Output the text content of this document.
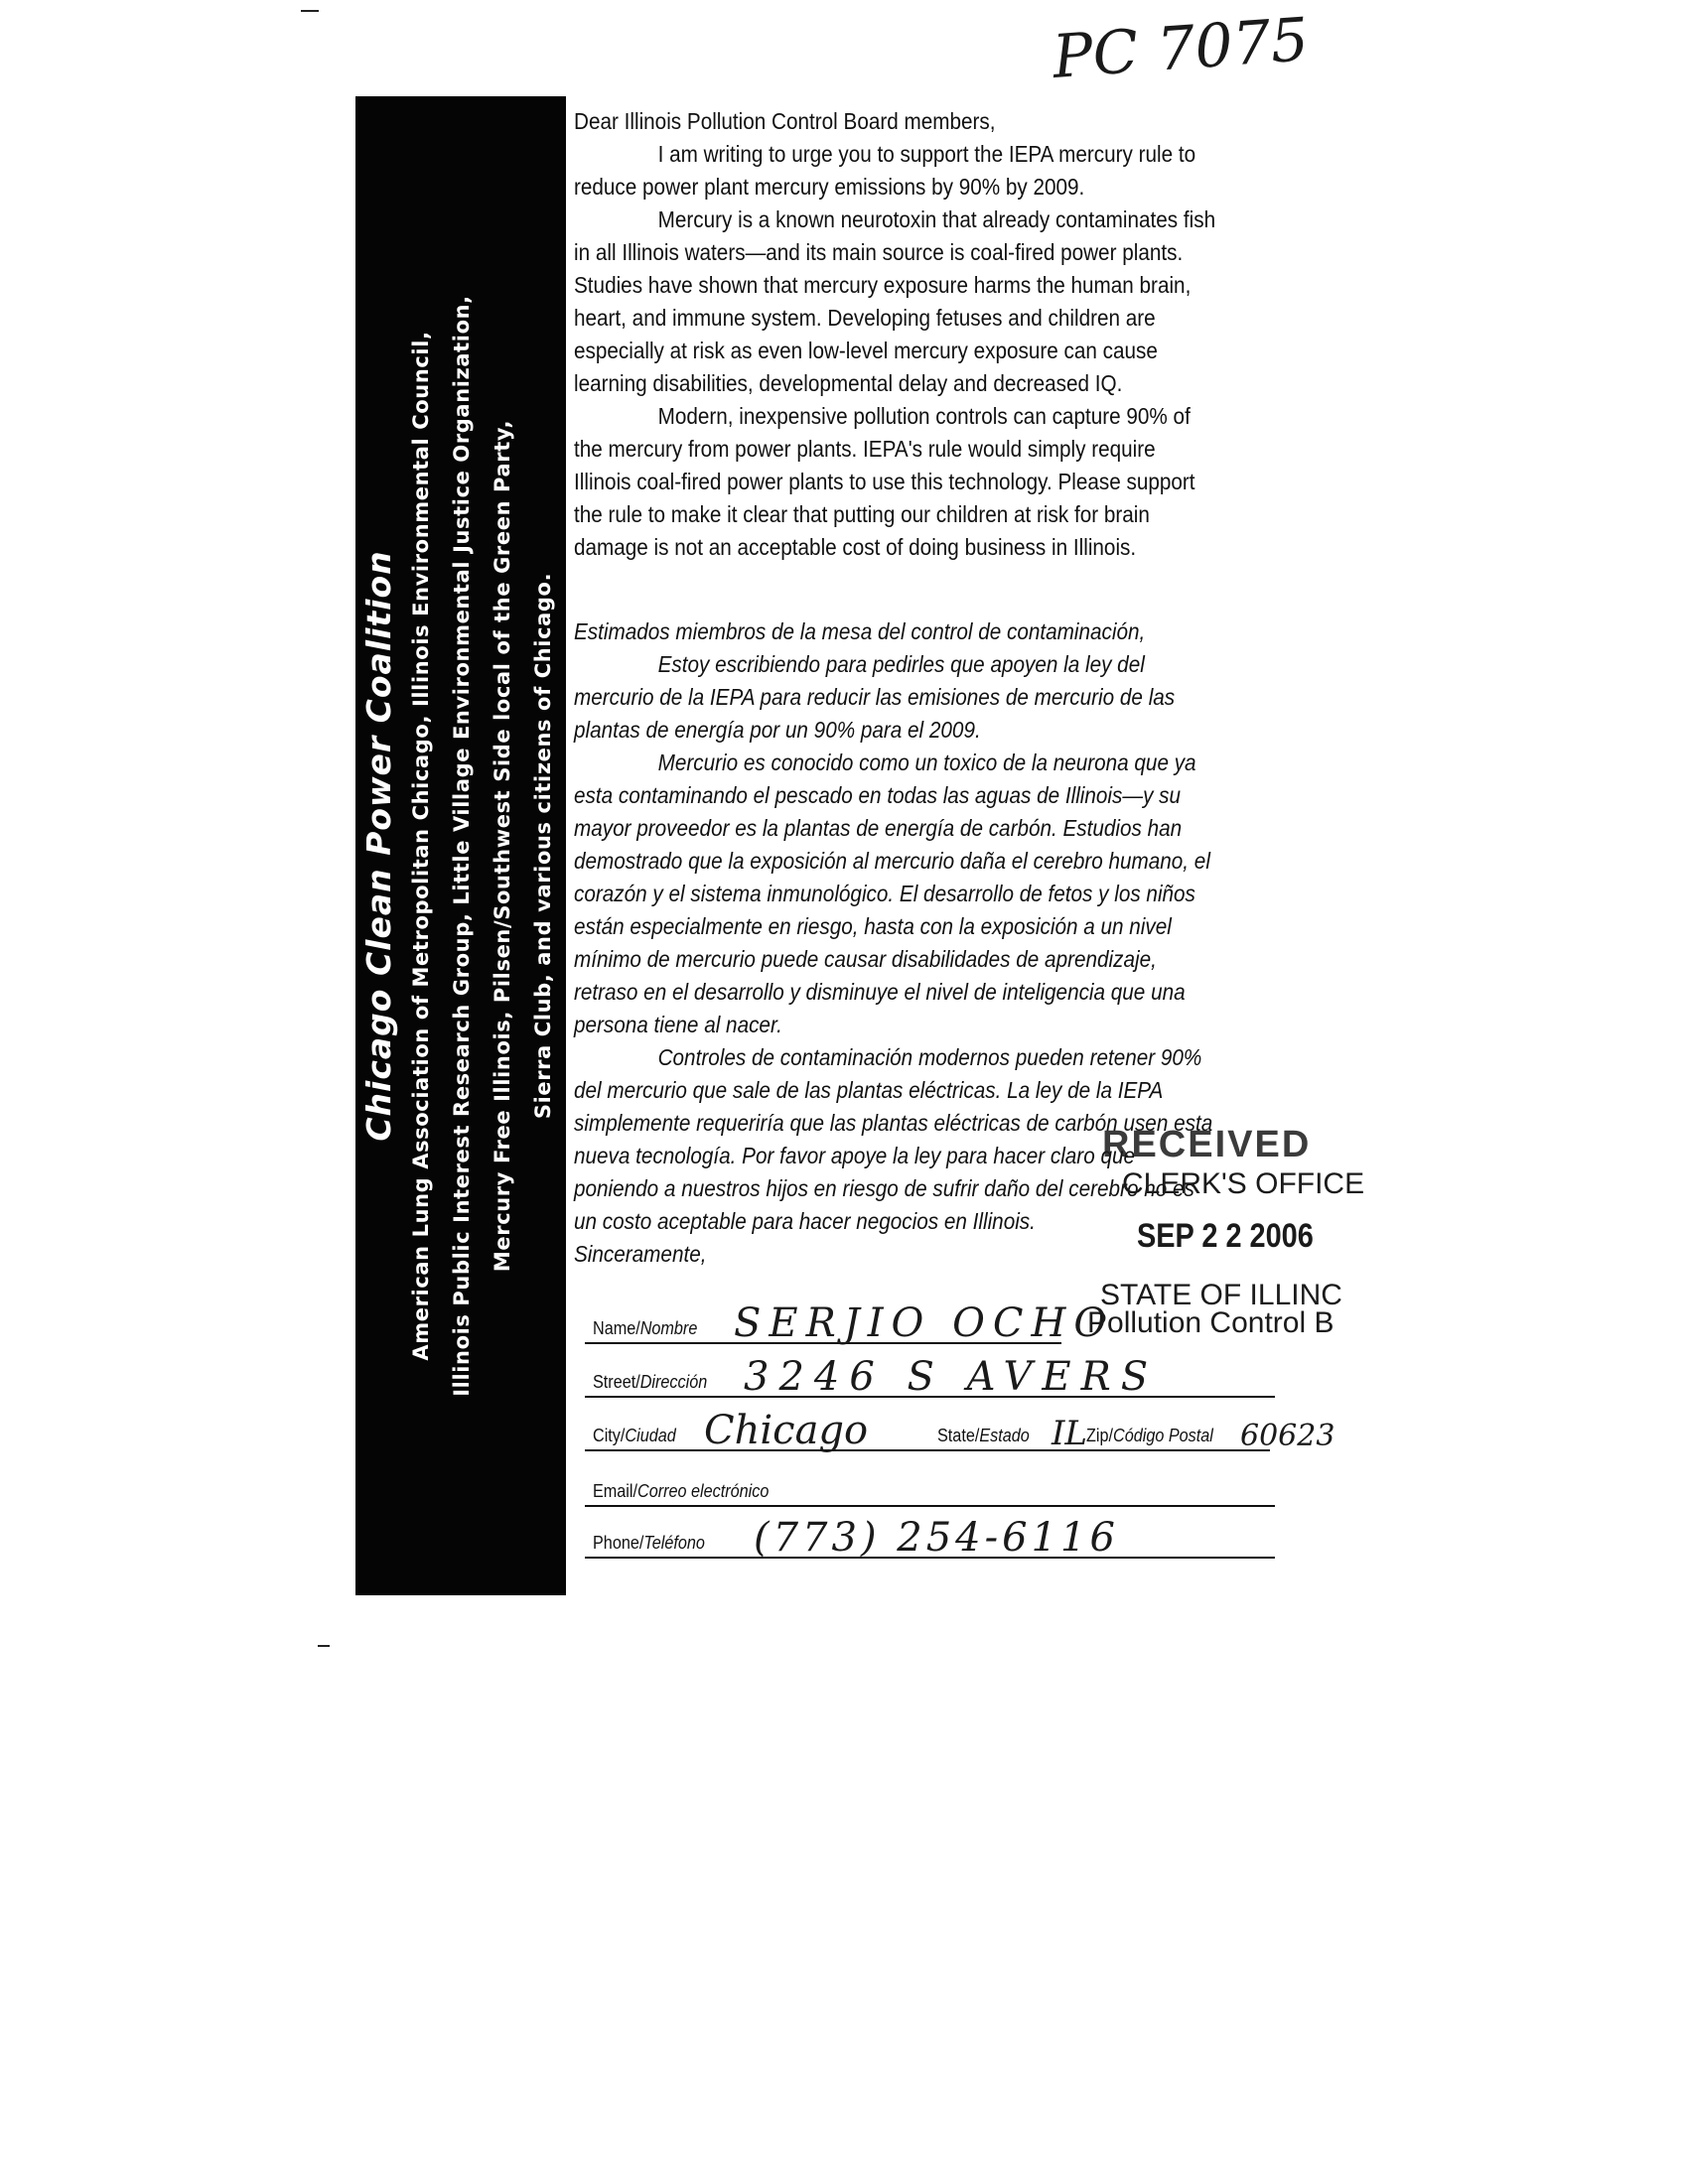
PC 7075
Chicago Clean Power Coalition American Lung Association of Metropolitan Chicago, Illinois Environmental Council, Illinois Public Interest Research Group, Little Village Environmental Justice Organization, Mercury Free Illinois, Pilsen/Southwest Side local of the Green Party, Sierra Club, and various citizens of Chicago.

Dear Illinois Pollution Control Board members,

I am writing to urge you to support the IEPA mercury rule to reduce power plant mercury emissions by 90% by 2009.

Mercury is a known neurotoxin that already contaminates fish in all Illinois waters—and its main source is coal-fired power plants. Studies have shown that mercury exposure harms the human brain, heart, and immune system. Developing fetuses and children are especially at risk as even low-level mercury exposure can cause learning disabilities, developmental delay and decreased IQ.

Modern, inexpensive pollution controls can capture 90% of the mercury from power plants. IEPA's rule would simply require Illinois coal-fired power plants to use this technology. Please support the rule to make it clear that putting our children at risk for brain damage is not an acceptable cost of doing business in Illinois.

Estimados miembros de la mesa del control de contaminación,

Estoy escribiendo para pedirles que apoyen la ley del mercurio de la IEPA para reducir las emisiones de mercurio de las plantas de energía por un 90% para el 2009.

Mercurio es conocido como un toxico de la neurona que ya esta contaminando el pescado en todas las aguas de Illinois—y su mayor proveedor es la plantas de energía de carbón. Estudios han demostrado que la exposición al mercurio daña el cerebro humano, el corazón y el sistema inmunológico. El desarrollo de fetos y los niños están especialmente en riesgo, hasta con la exposición a un nivel mínimo de mercurio puede causar disabilidades de aprendizaje, retraso en el desarrollo y disminuye el nivel de inteligencia que una persona tiene al nacer.

Controles de contaminación modernos pueden retener 90% del mercurio que sale de las plantas eléctricas. La ley de la IEPA simplemente requeriría que las plantas eléctricas de carbón usen esta nueva tecnología. Por favor apoye la ley para hacer claro que poniendo a nuestros hijos en riesgo de sufrir daño del cerebro no es un costo aceptable para hacer negocios en Illinois.

Sinceramente,

RECEIVED
CLERK'S OFFICE
SEP 2 2 2006
STATE OF ILLINC
Pollution Control B
Name/Nombre SERJIO OCHO
Street/Dirección 3246 S AVERS
City/Ciudad Chicago	State/Estado IL
Zip/Código Postal 60623
Email/Correo electrónico
Phone/Teléfono (773) 254-6116
